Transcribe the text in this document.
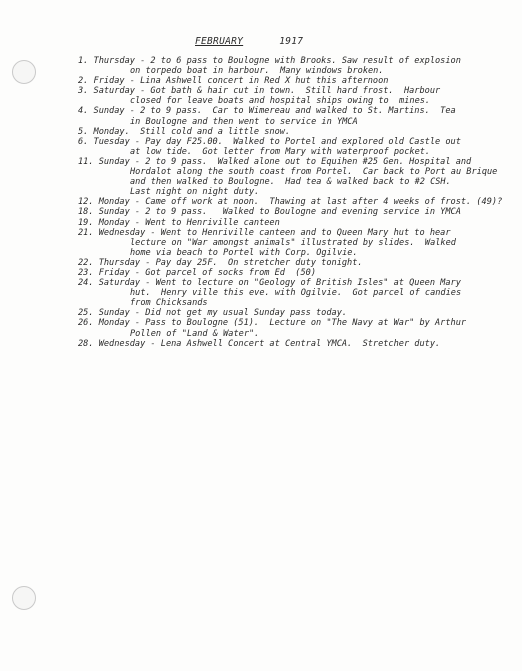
FEBRUARY	1917
1. Thursday - 2 to 6 pass to Boulogne with Brooks. Saw result of explosion
on torpedo boat in harbour.  Many windows broken.
2. Friday - Lina Ashwell concert in Red X hut this afternoon
3. Saturday - Got bath & hair cut in town.  Still hard frost.  Harbour
closed for leave boats and hospital ships owing to  mines.
4. Sunday - 2 to 9 pass.  Car to Wimereau and walked to St. Martins.  Tea
in Boulogne and then went to service in YMCA
5. Monday.  Still cold and a little snow.
6. Tuesday - Pay day F25.00.  Walked to Portel and explored old Castle out
at low tide.  Got letter from Mary with waterproof pocket.
11. Sunday - 2 to 9 pass.  Walked alone out to Equihen #25 Gen. Hospital and
Hordalot along the south coast from Portel.  Car back to Port au Brique
and then walked to Boulogne.  Had tea & walked back to #2 CSH.
Last night on night duty.
12. Monday - Came off work at noon.  Thawing at last after 4 weeks of frost. (49)?
18. Sunday - 2 to 9 pass.   Walked to Boulogne and evening service in YMCA
19. Monday - Went to Henriville canteen
21. Wednesday - Went to Henriville canteen and to Queen Mary hut to hear
lecture on "War amongst animals" illustrated by slides.  Walked
home via beach to Portel with Corp. Ogilvie.
22. Thursday - Pay day 25F.  On stretcher duty tonight.
23. Friday - Got parcel of socks from Ed  (50)
24. Saturday - Went to lecture on "Geology of British Isles" at Queen Mary
hut.  Henry ville this eve. with Ogilvie.  Got parcel of candies
from Chicksands
25. Sunday - Did not get my usual Sunday pass today.
26. Monday - Pass to Boulogne (51).  Lecture on "The Navy at War" by Arthur
Pollen of "Land & Water".
28. Wednesday - Lena Ashwell Concert at Central YMCA.  Stretcher duty.
